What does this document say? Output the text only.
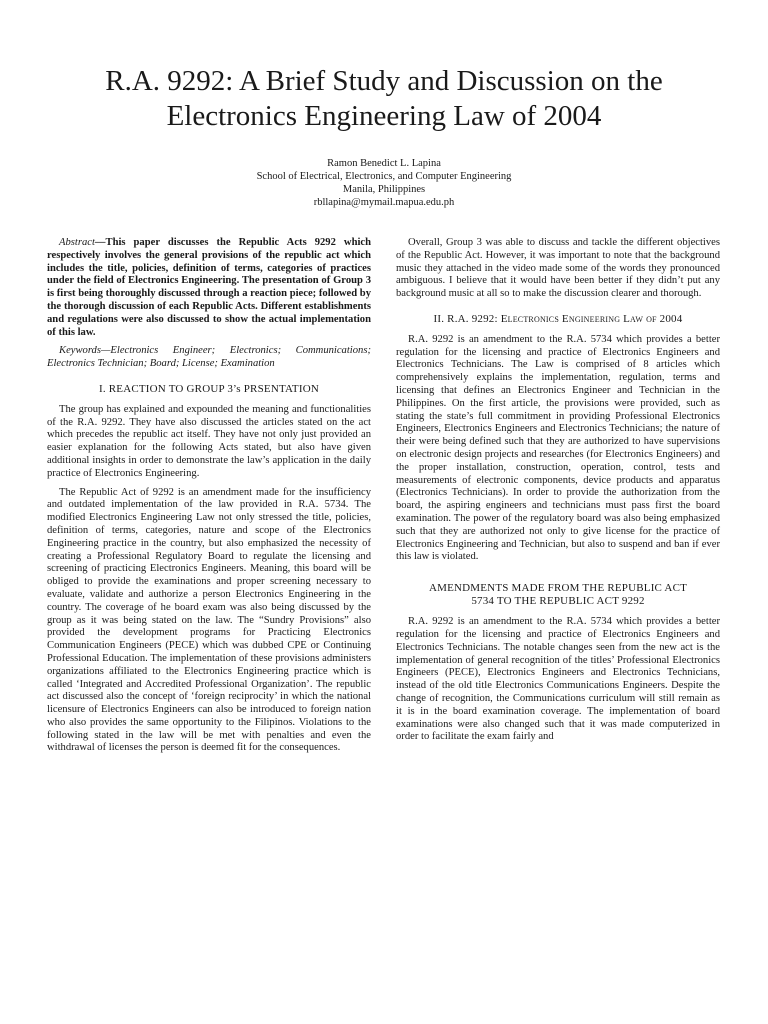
R.A. 9292: A Brief Study and Discussion on the
Electronics Engineering Law of 2004
Ramon Benedict L. Lapina
School of Electrical, Electronics, and Computer Engineering
Manila, Philippines
rbllapina@mymail.mapua.edu.ph

Abstract—This paper discusses the Republic Acts 9292 which respectively involves the general provisions of the republic act which includes the title, policies, definition of terms, categories of practices under the field of Electronics Engineering. The presentation of Group 3 is first being thoroughly discussed through a reaction piece; followed by the thorough discussion of each Republic Acts. Different establishments and regulations were also discussed to show the actual implementation of this law.

Keywords—Electronics Engineer; Electronics; Communications; Electronics Technician; Board; License; Examination

I. REACTION TO GROUP 3’s PRSENTATION

The group has explained and expounded the meaning and functionalities of the R.A. 9292. They have also discussed the articles stated on the act which precedes the republic act itself. They have not only just provided an easier explanation for the following Acts stated, but also have given additional insights in order to demonstrate the law’s application in the daily practice of Electronics Engineering.

The Republic Act of 9292 is an amendment made for the insufficiency and outdated implementation of the law provided in R.A. 5734. The modified Electronics Engineering Law not only stressed the title, policies, definition of terms, categories, nature and scope of the Electronics Engineering practice in the country, but also emphasized the necessity of creating a Professional Regulatory Board to regulate the licensing and screening of practicing Electronics Engineers. Meaning, this board will be obliged to provide the examinations and proper screening necessary to evaluate, validate and authorize a person Electronics Engineering in the country. The coverage of he board exam was also being discussed by the group as it was being stated on the law. The “Sundry Provisions” also provided the development programs for Practicing Electronics Communication Engineers (PECE) which was dubbed CPE or Continuing Professional Education. The implementation of these provisions administers organizations affiliated to the Electronics Engineering practice which is called ‘Integrated and Accredited Professional Organization’. The republic act discussed also the concept of ‘foreign reciprocity’ in which the national licensure of Electronics Engineers can also be introduced to foreign nation who also provides the same opportunity to the Filipinos. Violations to the following stated in the law will be met with penalties and even the withdrawal of licenses the person is deemed fit for the consequences.

Overall, Group 3 was able to discuss and tackle the different objectives of the Republic Act. However, it was important to note that the background music they attached in the video made some of the words they pronounced ambiguous. I believe that it would have been better if they didn’t put any background music at all so to make the discussion clearer and thorough.

II. R.A. 9292: Electronics Engineering Law of 2004

R.A. 9292 is an amendment to the R.A. 5734 which provides a better regulation for the licensing and practice of Electronics Engineers and Electronics Technicians. The Law is comprised of 8 articles which comprehensively explains the implementation, regulation, terms and licensing that defines an Electronics Engineer and Technician in the Philippines. On the first article, the provisions were provided, such as stating the state’s full commitment in providing Professional Electronics Engineers, Electronics Engineers and Electronics Technicians; the nature of their were being defined such that they are authorized to have supervisions on electronic design projects and researches (for Electronics Engineers) and the proper installation, construction, operation, control, tests and measurements of electronic components, device products and apparatus (Electronics Technicians). In order to provide the authorization from the board, the aspiring engineers and technicians must pass first the board examination. The power of the regulatory board was also being emphasized such that they are authorized not only to give license for the practice of Electronics Engineering and Technician, but also to suspend and ban if ever this law is violated.

AMENDMENTS MADE FROM THE REPUBLIC ACT
5734 TO THE REPUBLIC ACT 9292

R.A. 9292 is an amendment to the R.A. 5734 which provides a better regulation for the licensing and practice of Electronics Engineers and Electronics Technicians. The notable changes seen from the new act is the implementation of general recognition of the titles’ Professional Electronics Engineers (PECE), Electronics Engineers and Electronics Technicians, instead of the old title Electronics Communications Engineers. Despite the change of recognition, the Communications curriculum will still remain as it is in the board examination coverage. The implementation of board examinations were also changed such that it was made computerized in order to facilitate the exam fairly and
